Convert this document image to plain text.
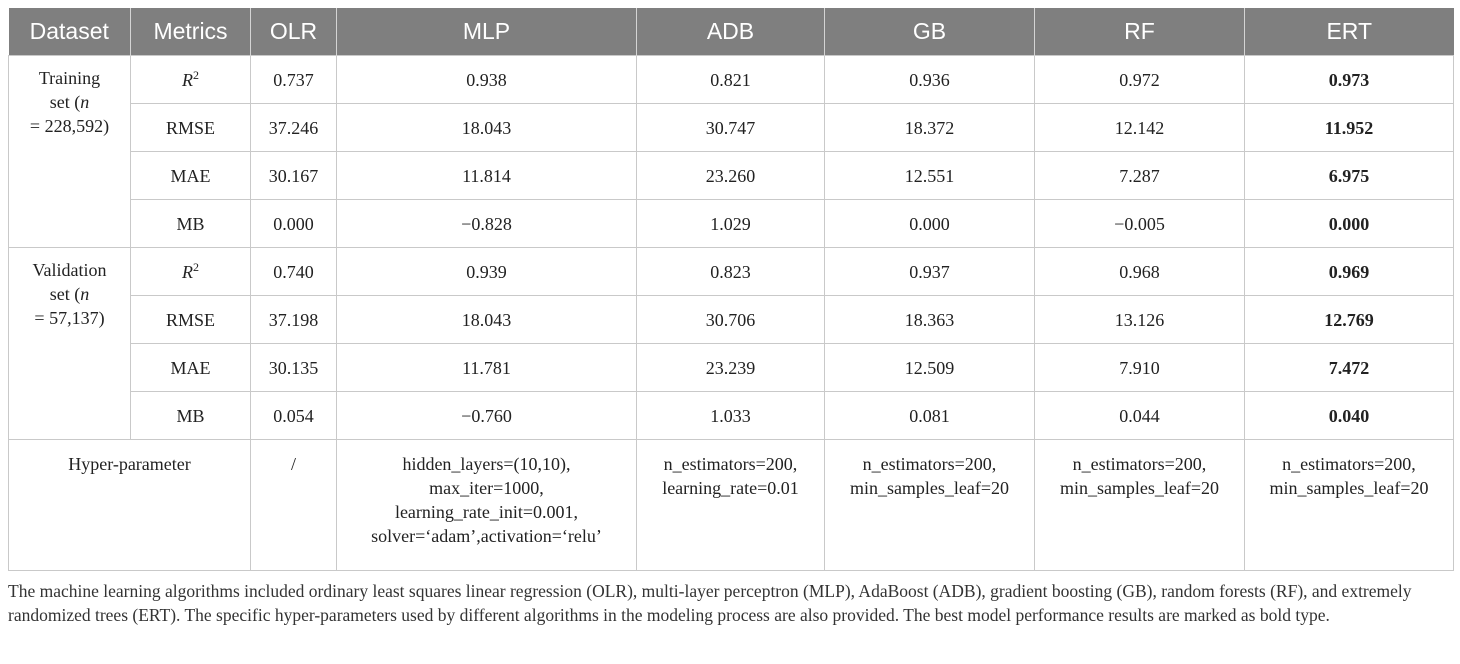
Dataset	Metrics	OLR	MLP	ADB	GB	RF	ERT
Training
set (n
= 228,592)	$R^2$	0.737	0.938	0.821	0.936	0.972	0.973
	RMSE	37.246	18.043	30.747	18.372	12.142	11.952
	MAE	30.167	11.814	23.260	12.551	7.287	6.975
	MB	0.000	−0.828	1.029	0.000	−0.005	0.000
Validation
set (n
= 57,137)	$R^2$	0.740	0.939	0.823	0.937	0.968	0.969
	RMSE	37.198	18.043	30.706	18.363	13.126	12.769
	MAE	30.135	11.781	23.239	12.509	7.910	7.472
	MB	0.054	−0.760	1.033	0.081	0.044	0.040
Hyper-parameter		/	hidden_layers=(10,10),
max_iter=1000,
learning_rate_init=0.001,
solver=‘adam’,activation=‘relu’	n_estimators=200,
learning_rate=0.01	n_estimators=200,
min_samples_leaf=20	n_estimators=200,
min_samples_leaf=20	n_estimators=200,
min_samples_leaf=20
The machine learning algorithms included ordinary least squares linear regression (OLR), multi-layer perceptron (MLP), AdaBoost (ADB), gradient boosting (GB), random forests (RF), and extremely randomized trees (ERT). The specific hyper-parameters used by different algorithms in the modeling process are also provided. The best model performance results are marked as bold type.
